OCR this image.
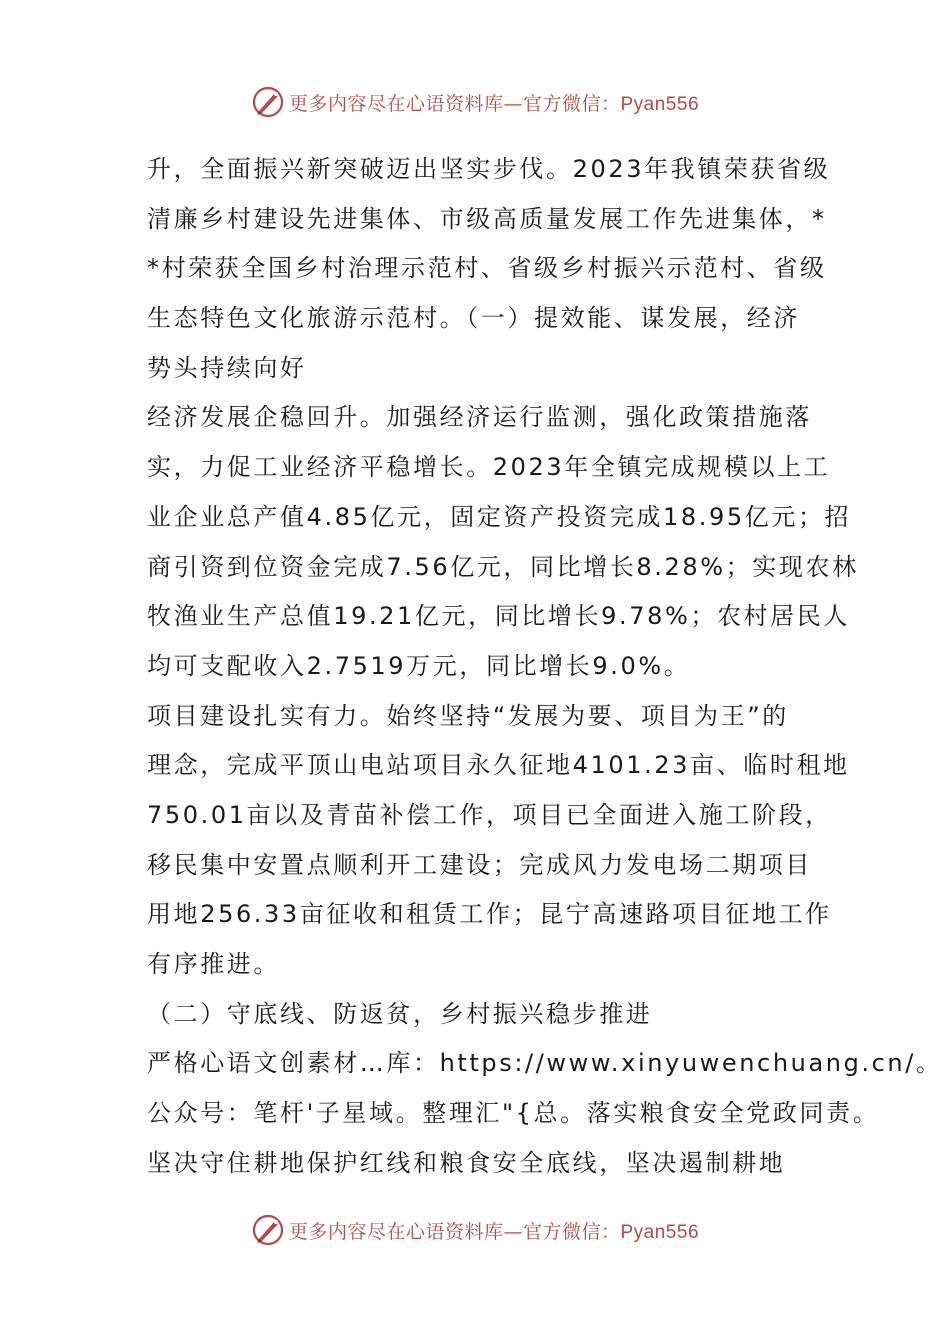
更多内容尽在心语资料库—官方微信：Pyan556
升，全面振兴新突破迈出坚实步伐。2023年我镇荣获省级
清廉乡村建设先进集体、市级高质量发展工作先进集体，*
*村荣获全国乡村治理示范村、省级乡村振兴示范村、省级
生态特色文化旅游示范村。（一）提效能、谋发展，经济
势头持续向好
经济发展企稳回升。加强经济运行监测，强化政策措施落
实，力促工业经济平稳增长。2023年全镇完成规模以上工
业企业总产值4.85亿元，固定资产投资完成18.95亿元；招
商引资到位资金完成7.56亿元，同比增长8.28%；实现农林
牧渔业生产总值19.21亿元，同比增长9.78%；农村居民人
均可支配收入2.7519万元，同比增长9.0%。
项目建设扎实有力。始终坚持“发展为要、项目为王”的
理念，完成平顶山电站项目永久征地4101.23亩、临时租地
750.01亩以及青苗补偿工作，项目已全面进入施工阶段，
移民集中安置点顺利开工建设；完成风力发电场二期项目
用地256.33亩征收和租赁工作；昆宁高速路项目征地工作
有序推进。
（二）守底线、防返贫，乡村振兴稳步推进
严格心语文创素材…库：https://www.xinyuwenchuang.cn/。
公众号：笔杆'子星域。整理汇"{总。落实粮食安全党政同责。
坚决守住耕地保护红线和粮食安全底线，坚决遏制耕地
更多内容尽在心语资料库—官方微信：Pyan556
